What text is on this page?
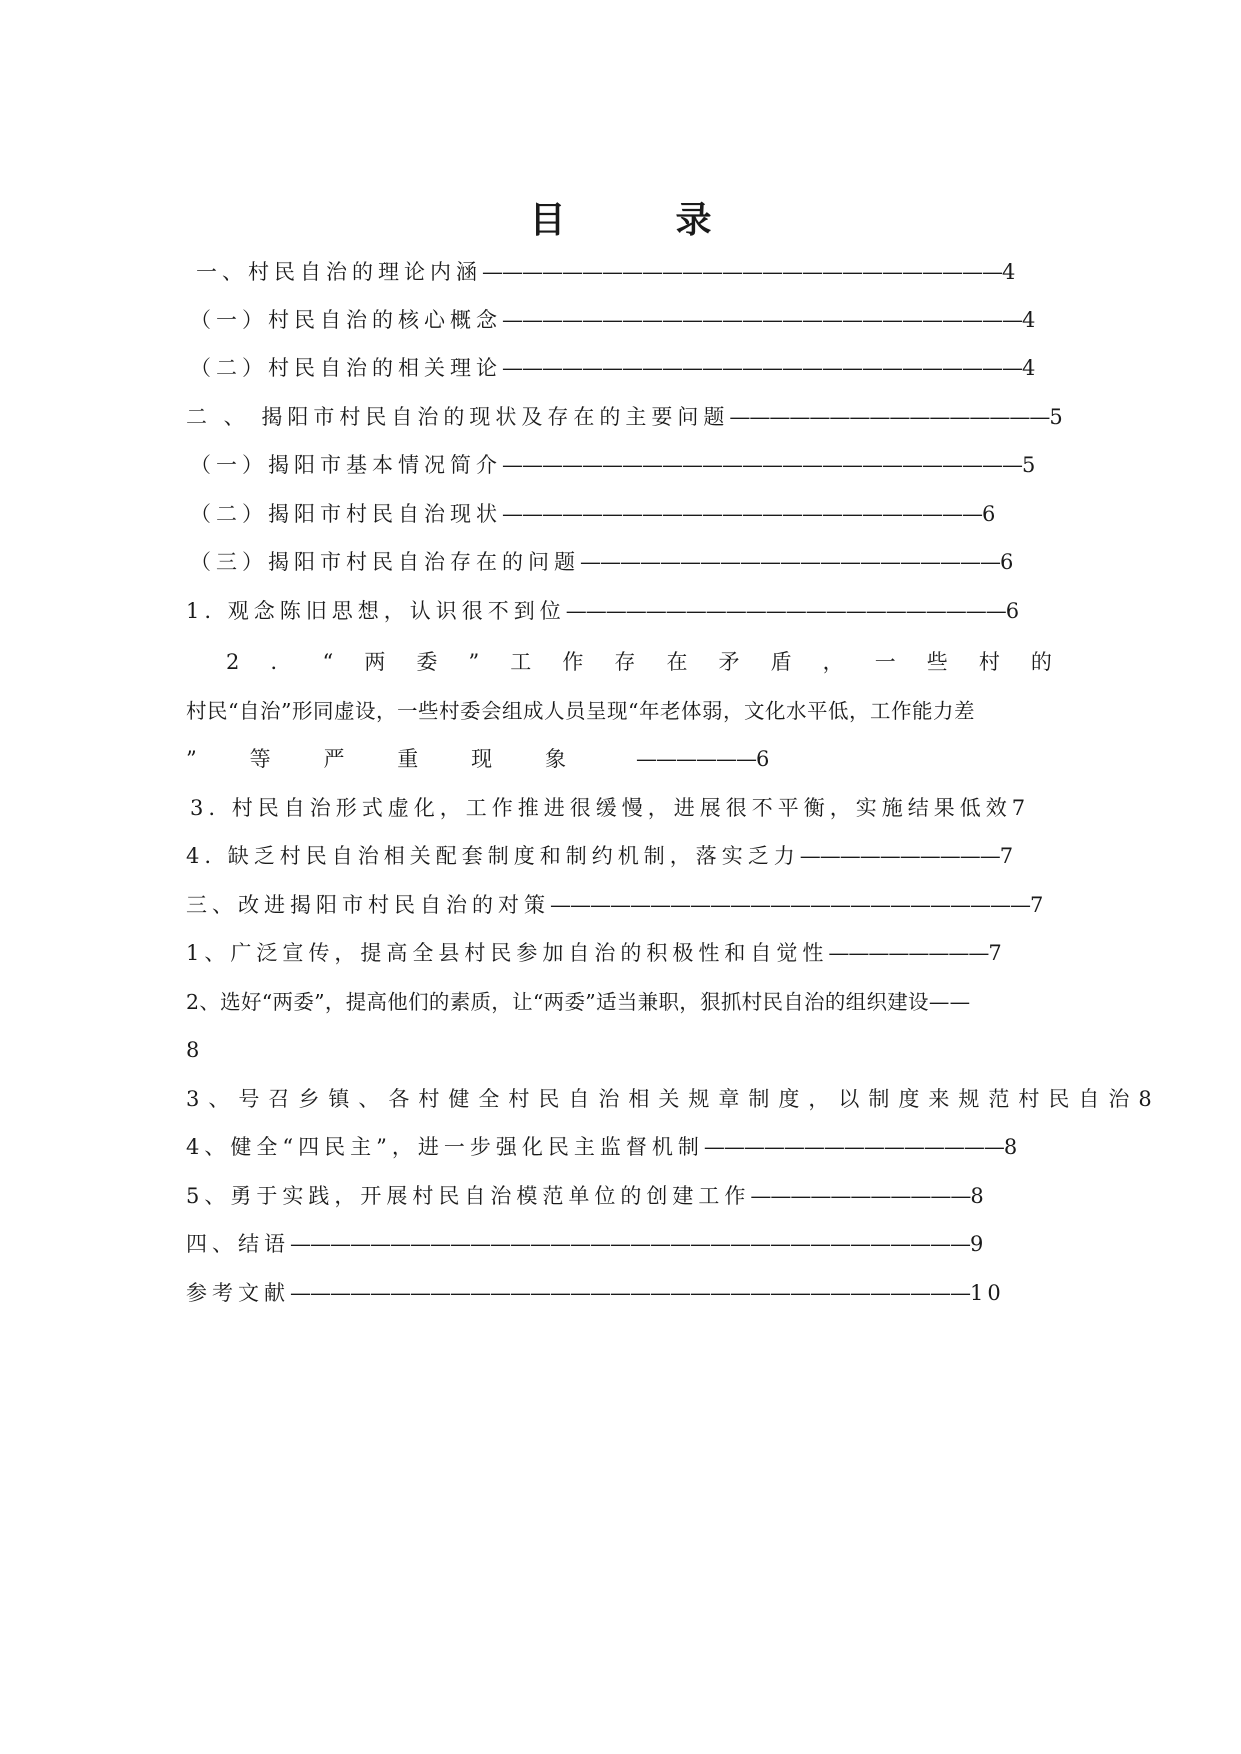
目	录
一、村民自治的理论内涵 —————————————————————————— 4
（一）村民自治的核心概念 —————————————————————————— 4
（二）村民自治的相关理论 —————————————————————————— 4
二 、 揭阳市村民自治的现状及存在的主要问题 ———————————————— 5
（一）揭阳市基本情况简介 —————————————————————————— 5
（二）揭阳市村民自治现状 ———————————————————————— 6
（三）揭阳市村民自治存在的问题 ————————————————————— 6
1. 观念陈旧思想，认识很不到位 —————————————————————— 6
2 ． “ 两 委 ” 工 作 存 在 矛 盾 ， 一 些 村 的
村民“自治”形同虚设，一些村委会组成人员呈现“年老体弱，文化水平低，工作能力差
”	等	严	重	现	象	—————— 6
3. 村民自治形式虚化，工作推进很缓慢，进展很不平衡，实施结果低效 7
4. 缺乏村民自治相关配套制度和制约机制，落实乏力 —————————— 7
三、改进揭阳市村民自治的对策 ———————————————————————— 7
1、广泛宣传，提高全县村民参加自治的积极性和自觉性 ———————— 7
2、选好“两委”，提高他们的素质，让“两委”适当兼职，狠抓村民自治的组织建设——
8
3、号召乡镇、各村健全村民自治相关规章制度，以制度来规范村民自治 8
4、健全“四民主”，进一步强化民主监督机制 ——————————————— 8
5、勇于实践，开展村民自治模范单位的创建工作 ——————————— 8
四、结语 —————————————————————————————————— 9
参考文献 —————————————————————————————————— 10
